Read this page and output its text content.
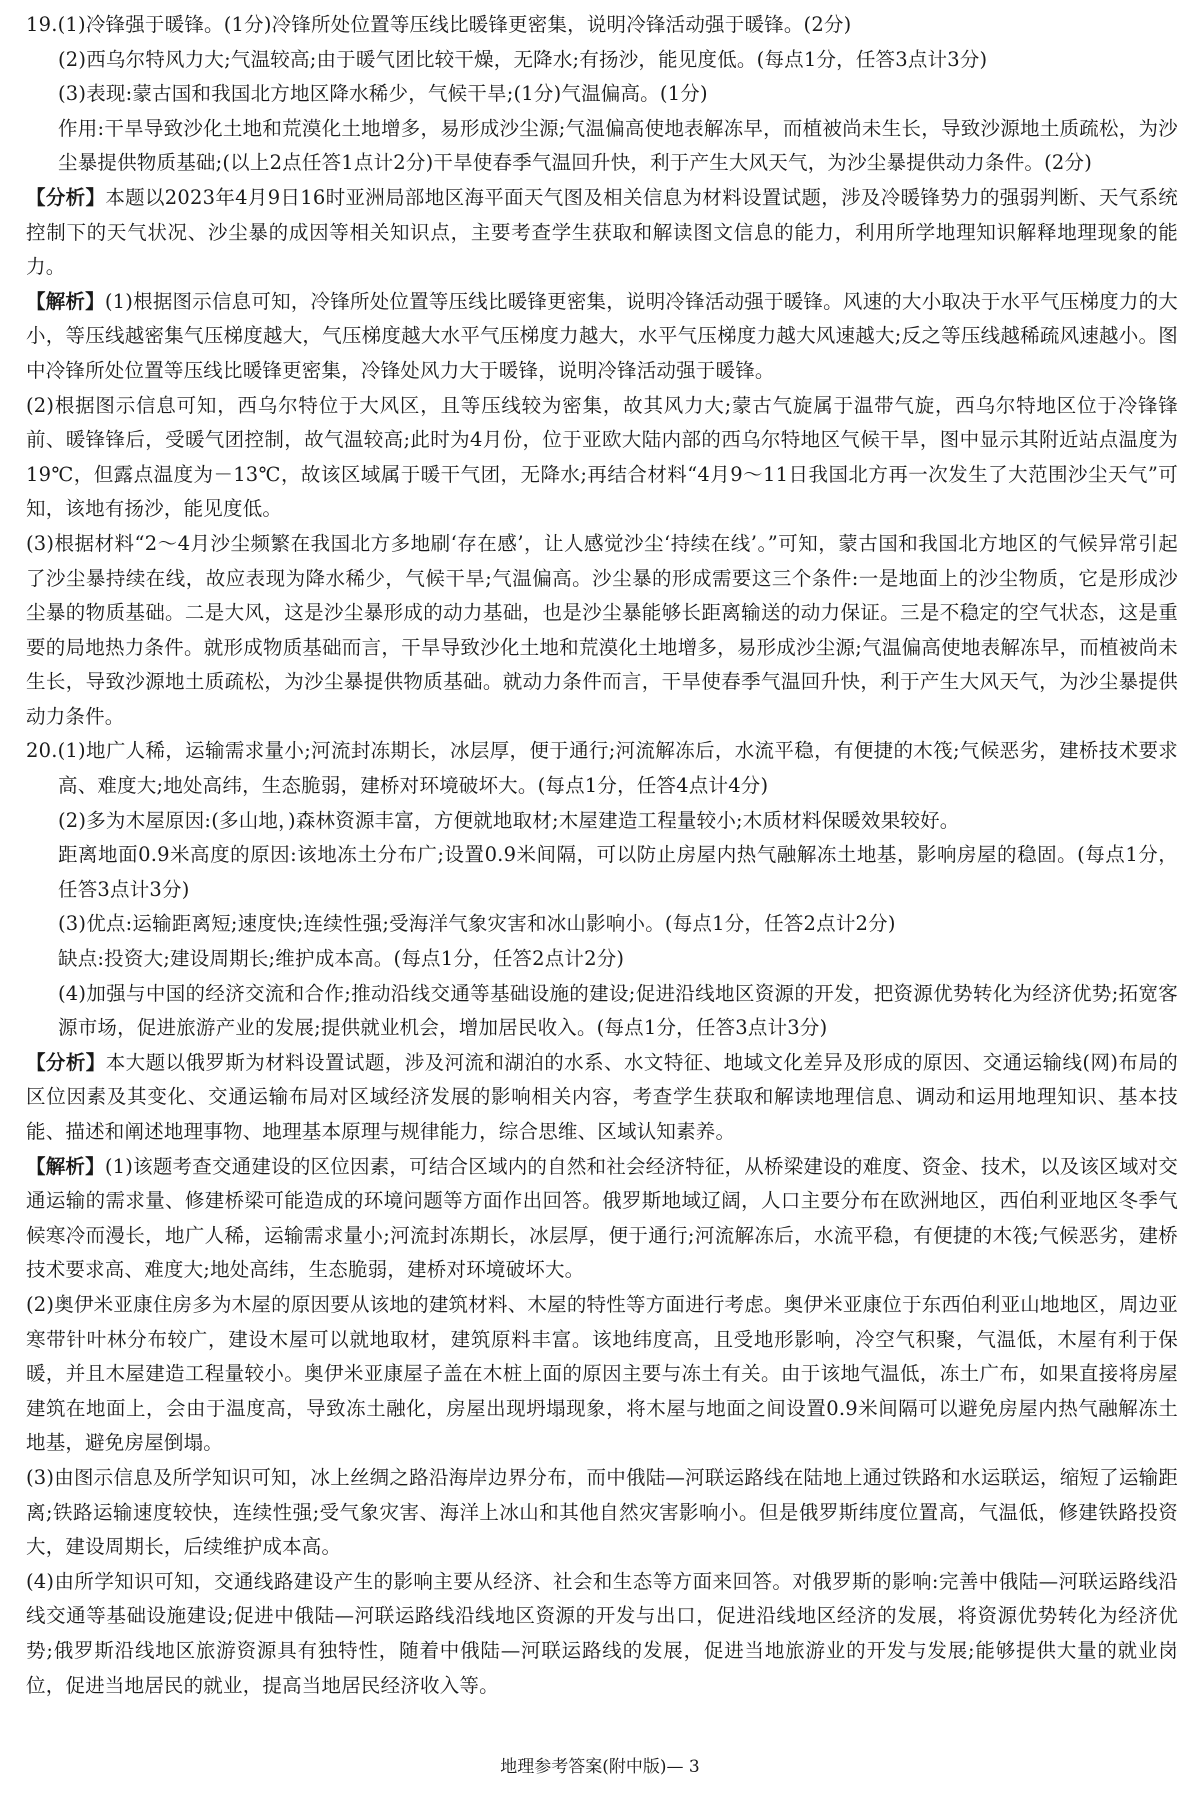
19.(1)冷锋强于暖锋。(1分)冷锋所处位置等压线比暖锋更密集，说明冷锋活动强于暖锋。(2分)
(2)西乌尔特风力大;气温较高;由于暖气团比较干燥，无降水;有扬沙，能见度低。(每点1分，任答3点计3分)
(3)表现:蒙古国和我国北方地区降水稀少，气候干旱;(1分)气温偏高。(1分)
作用:干旱导致沙化土地和荒漠化土地增多，易形成沙尘源;气温偏高使地表解冻早，而植被尚未生长，导致沙源地土质疏松，为沙尘暴提供物质基础;(以上2点任答1点计2分)干旱使春季气温回升快，利于产生大风天气，为沙尘暴提供动力条件。(2分)
【分析】本题以2023年4月9日16时亚洲局部地区海平面天气图及相关信息为材料设置试题，涉及冷暖锋势力的强弱判断、天气系统控制下的天气状况、沙尘暴的成因等相关知识点，主要考查学生获取和解读图文信息的能力，利用所学地理知识解释地理现象的能力。
【解析】(1)根据图示信息可知，冷锋所处位置等压线比暖锋更密集，说明冷锋活动强于暖锋。风速的大小取决于水平气压梯度力的大小，等压线越密集气压梯度越大，气压梯度越大水平气压梯度力越大，水平气压梯度力越大风速越大;反之等压线越稀疏风速越小。图中冷锋所处位置等压线比暖锋更密集，冷锋处风力大于暖锋，说明冷锋活动强于暖锋。
(2)根据图示信息可知，西乌尔特位于大风区，且等压线较为密集，故其风力大;蒙古气旋属于温带气旋，西乌尔特地区位于冷锋锋前、暖锋锋后，受暖气团控制，故气温较高;此时为4月份，位于亚欧大陆内部的西乌尔特地区气候干旱，图中显示其附近站点温度为19℃，但露点温度为－13℃，故该区域属于暖干气团，无降水;再结合材料“4月9～11日我国北方再一次发生了大范围沙尘天气”可知，该地有扬沙，能见度低。
(3)根据材料“2～4月沙尘频繁在我国北方多地刷‘存在感’，让人感觉沙尘‘持续在线’。”可知，蒙古国和我国北方地区的气候异常引起了沙尘暴持续在线，故应表现为降水稀少，气候干旱;气温偏高。沙尘暴的形成需要这三个条件:一是地面上的沙尘物质，它是形成沙尘暴的物质基础。二是大风，这是沙尘暴形成的动力基础，也是沙尘暴能够长距离输送的动力保证。三是不稳定的空气状态，这是重要的局地热力条件。就形成物质基础而言，干旱导致沙化土地和荒漠化土地增多，易形成沙尘源;气温偏高使地表解冻早，而植被尚未生长，导致沙源地土质疏松，为沙尘暴提供物质基础。就动力条件而言，干旱使春季气温回升快，利于产生大风天气，为沙尘暴提供动力条件。
20.(1)地广人稀，运输需求量小;河流封冻期长，冰层厚，便于通行;河流解冻后，水流平稳，有便捷的木筏;气候恶劣，建桥技术要求高、难度大;地处高纬，生态脆弱，建桥对环境破坏大。(每点1分，任答4点计4分)
(2)多为木屋原因:(多山地，)森林资源丰富，方便就地取材;木屋建造工程量较小;木质材料保暖效果较好。
距离地面0.9米高度的原因:该地冻土分布广;设置0.9米间隔，可以防止房屋内热气融解冻土地基，影响房屋的稳固。(每点1分，任答3点计3分)
(3)优点:运输距离短;速度快;连续性强;受海洋气象灾害和冰山影响小。(每点1分，任答2点计2分)
缺点:投资大;建设周期长;维护成本高。(每点1分，任答2点计2分)
(4)加强与中国的经济交流和合作;推动沿线交通等基础设施的建设;促进沿线地区资源的开发，把资源优势转化为经济优势;拓宽客源市场，促进旅游产业的发展;提供就业机会，增加居民收入。(每点1分，任答3点计3分)
【分析】本大题以俄罗斯为材料设置试题，涉及河流和湖泊的水系、水文特征、地域文化差异及形成的原因、交通运输线(网)布局的区位因素及其变化、交通运输布局对区域经济发展的影响相关内容，考查学生获取和解读地理信息、调动和运用地理知识、基本技能、描述和阐述地理事物、地理基本原理与规律能力，综合思维、区域认知素养。
【解析】(1)该题考查交通建设的区位因素，可结合区域内的自然和社会经济特征，从桥梁建设的难度、资金、技术，以及该区域对交通运输的需求量、修建桥梁可能造成的环境问题等方面作出回答。俄罗斯地域辽阔，人口主要分布在欧洲地区，西伯利亚地区冬季气候寒冷而漫长，地广人稀，运输需求量小;河流封冻期长，冰层厚，便于通行;河流解冻后，水流平稳，有便捷的木筏;气候恶劣，建桥技术要求高、难度大;地处高纬，生态脆弱，建桥对环境破坏大。
(2)奥伊米亚康住房多为木屋的原因要从该地的建筑材料、木屋的特性等方面进行考虑。奥伊米亚康位于东西伯利亚山地地区，周边亚寒带针叶林分布较广，建设木屋可以就地取材，建筑原料丰富。该地纬度高，且受地形影响，冷空气积聚，气温低，木屋有利于保暖，并且木屋建造工程量较小。奥伊米亚康屋子盖在木桩上面的原因主要与冻土有关。由于该地气温低，冻土广布，如果直接将房屋建筑在地面上，会由于温度高，导致冻土融化，房屋出现坍塌现象，将木屋与地面之间设置0.9米间隔可以避免房屋内热气融解冻土地基，避免房屋倒塌。
(3)由图示信息及所学知识可知，冰上丝绸之路沿海岸边界分布，而中俄陆—河联运路线在陆地上通过铁路和水运联运，缩短了运输距离;铁路运输速度较快，连续性强;受气象灾害、海洋上冰山和其他自然灾害影响小。但是俄罗斯纬度位置高，气温低，修建铁路投资大，建设周期长，后续维护成本高。
(4)由所学知识可知，交通线路建设产生的影响主要从经济、社会和生态等方面来回答。对俄罗斯的影响:完善中俄陆—河联运路线沿线交通等基础设施建设;促进中俄陆—河联运路线沿线地区资源的开发与出口，促进沿线地区经济的发展，将资源优势转化为经济优势;俄罗斯沿线地区旅游资源具有独特性，随着中俄陆—河联运路线的发展，促进当地旅游业的开发与发展;能够提供大量的就业岗位，促进当地居民的就业，提高当地居民经济收入等。
地理参考答案(附中版)— 3
